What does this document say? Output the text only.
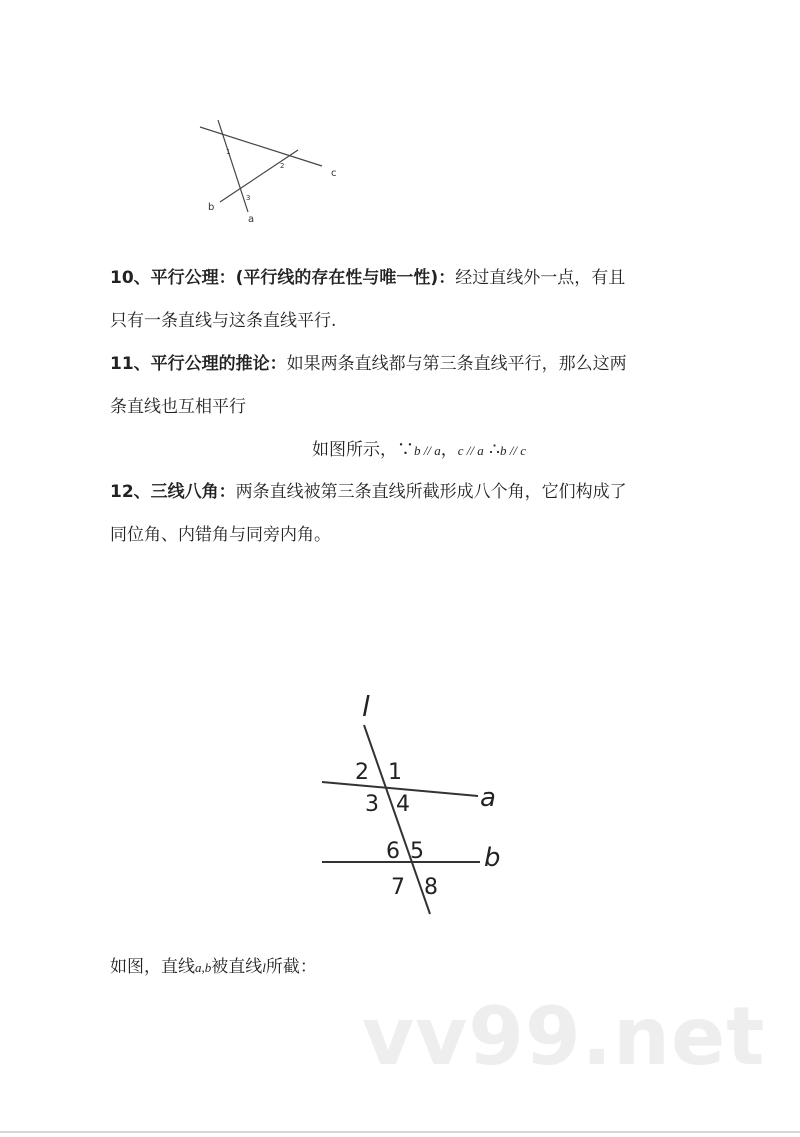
1
2
3
c
b
a
10、平行公理：(平行线的存在性与唯一性)：经过直线外一点，有且
只有一条直线与这条直线平行.
11、平行公理的推论：如果两条直线都与第三条直线平行，那么这两
条直线也互相平行
如图所示，∵b // a，c // a ∴b // c
12、三线八角：两条直线被第三条直线所截形成八个角，它们构成了
同位角、内错角与同旁内角。
l
a
b
2 1
3 4
6 5
7 8
如图，直线a,b被直线l所截：
vv99.net
